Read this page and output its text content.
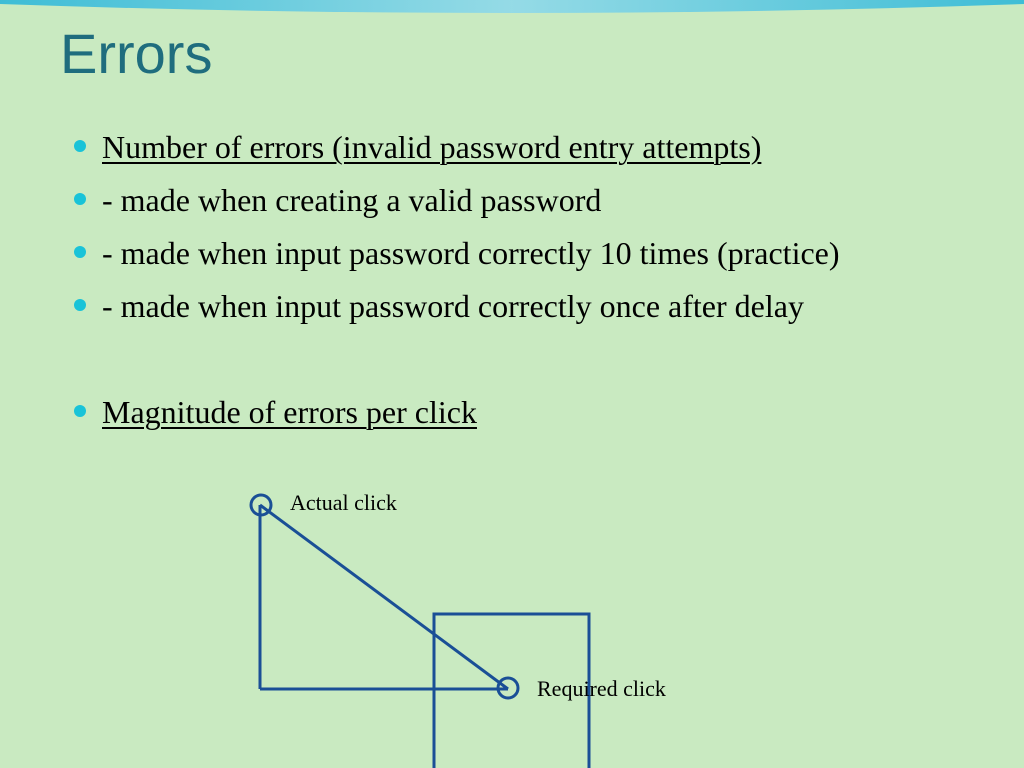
Errors
Number of errors (invalid password entry attempts)
- made when creating a valid password
- made when input password correctly 10 times (practice)
- made when input password correctly once after delay
Magnitude of errors per click
Actual click
Required click
